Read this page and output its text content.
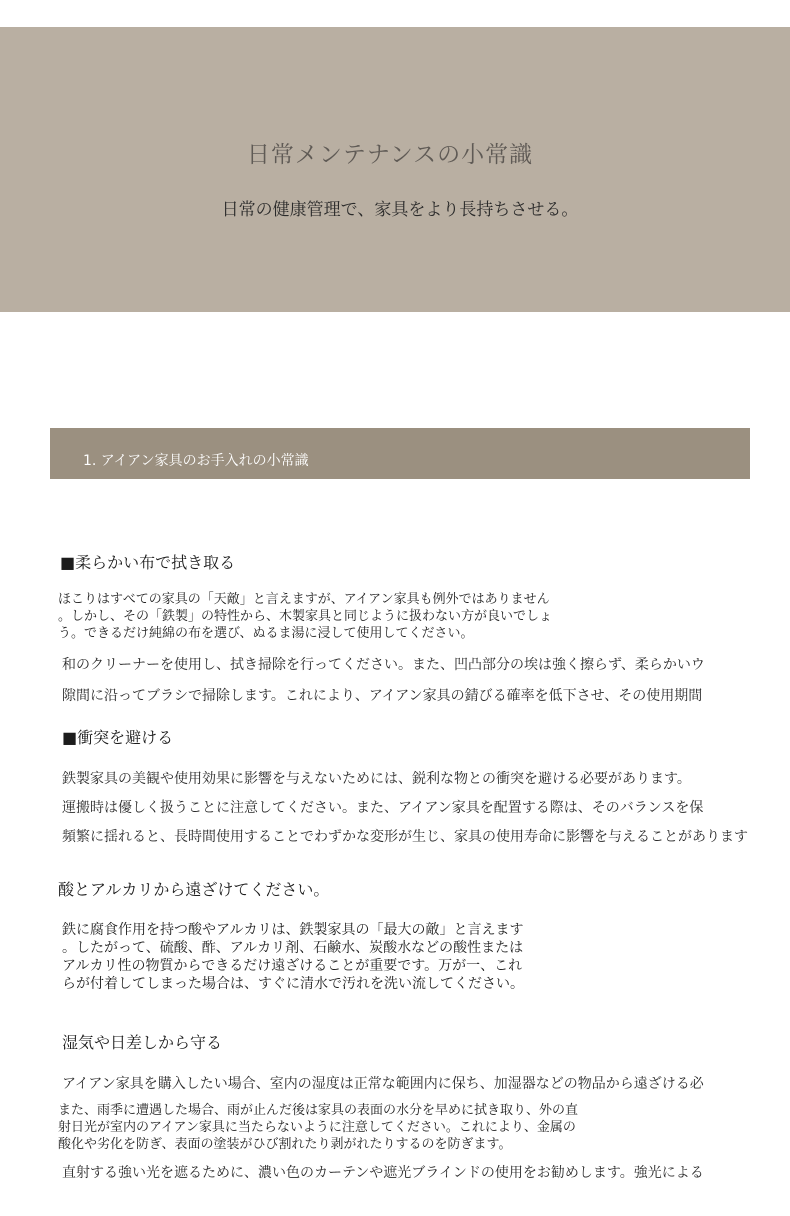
日常メンテナンスの小常識
日常の健康管理で、家具をより長持ちさせる。
1. アイアン家具のお手入れの小常識
■柔らかい布で拭き取る
ほこりはすべての家具の「天敵」と言えますが、アイアン家具も例外ではありません
。しかし、その「鉄製」の特性から、木製家具と同じように扱わない方が良いでしょ
う。できるだけ純綿の布を選び、ぬるま湯に浸して使用してください。
和のクリーナーを使用し、拭き掃除を行ってください。また、凹凸部分の埃は強く擦らず、柔らかいウ
隙間に沿ってブラシで掃除します。これにより、アイアン家具の錆びる確率を低下させ、その使用期間
■衝突を避ける
鉄製家具の美観や使用効果に影響を与えないためには、鋭利な物との衝突を避ける必要があります。
運搬時は優しく扱うことに注意してください。また、アイアン家具を配置する際は、そのバランスを保
頻繁に揺れると、長時間使用することでわずかな変形が生じ、家具の使用寿命に影響を与えることがあります
酸とアルカリから遠ざけてください。
鉄に腐食作用を持つ酸やアルカリは、鉄製家具の「最大の敵」と言えます
。したがって、硫酸、酢、アルカリ剤、石鹸水、炭酸水などの酸性または
アルカリ性の物質からできるだけ遠ざけることが重要です。万が一、これ
らが付着してしまった場合は、すぐに清水で汚れを洗い流してください。
湿気や日差しから守る
アイアン家具を購入したい場合、室内の湿度は正常な範囲内に保ち、加湿器などの物品から遠ざける必
また、雨季に遭遇した場合、雨が止んだ後は家具の表面の水分を早めに拭き取り、外の直
射日光が室内のアイアン家具に当たらないように注意してください。これにより、金属の
酸化や劣化を防ぎ、表面の塗装がひび割れたり剥がれたりするのを防ぎます。
直射する強い光を遮るために、濃い色のカーテンや遮光ブラインドの使用をお勧めします。強光による
